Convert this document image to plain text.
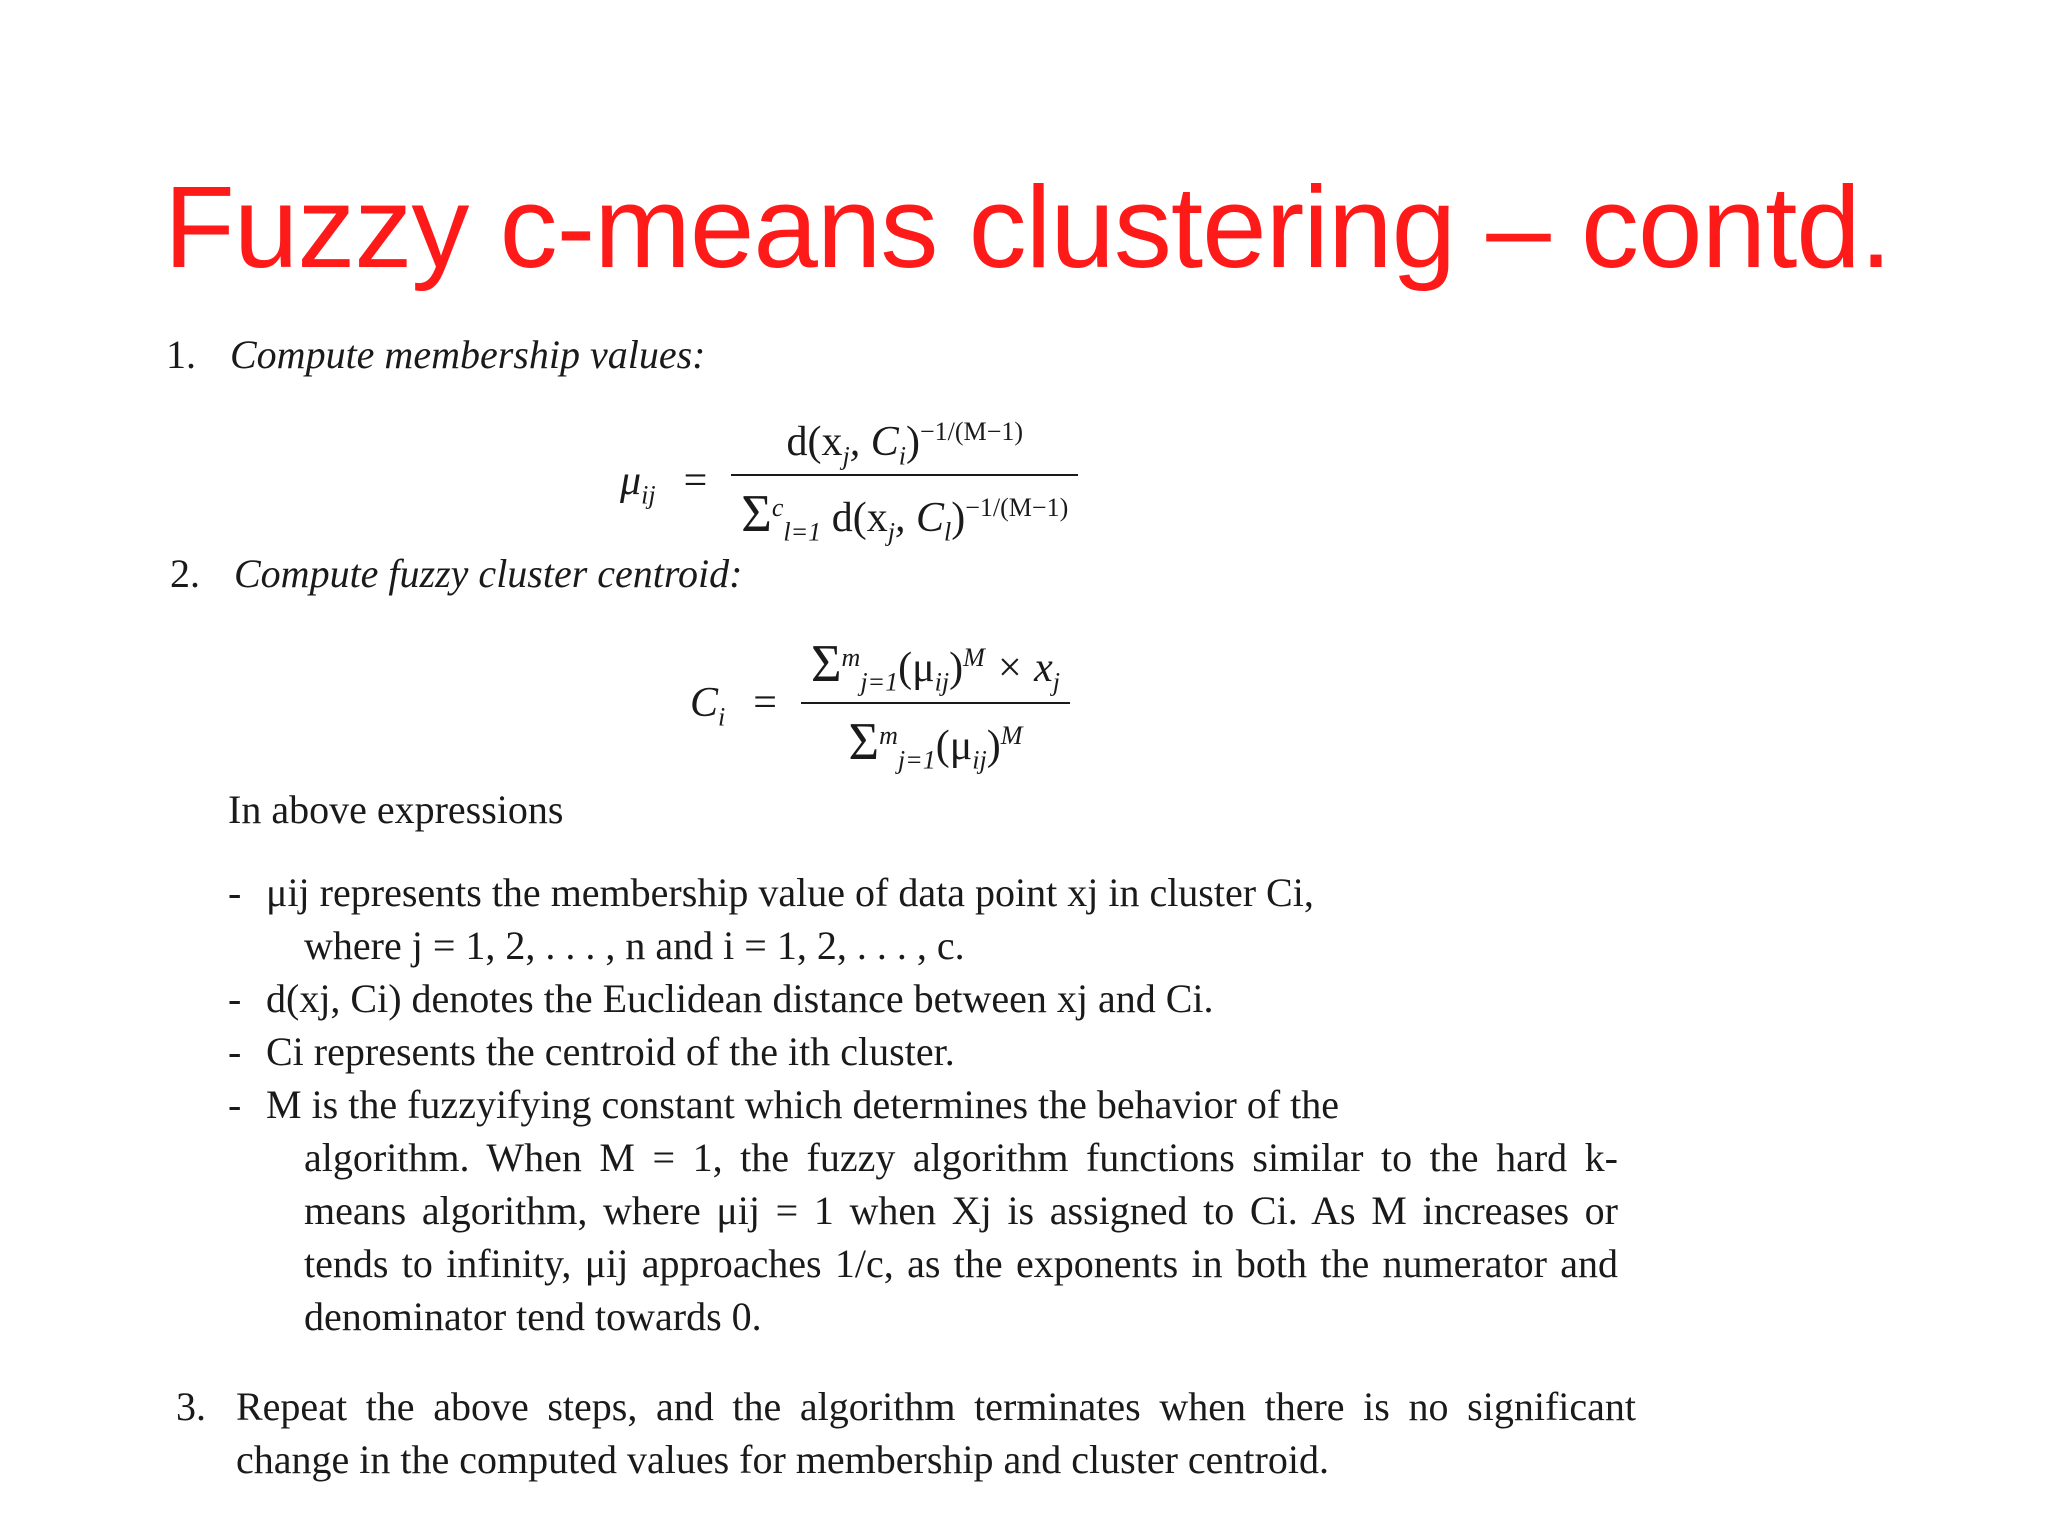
Fuzzy c-means clustering – contd.
1. Compute membership values:
$\mu_{ij} = \frac{d(x_j, C_i)^{-1/(M-1)}}{\Sigma^c_{l=1} d(x_j, C_l)^{-1/(M-1)}}$
2. Compute fuzzy cluster centroid:
$C_i = \frac{\Sigma^m_{j=1}(\mu_{ij})^M \times x_j}{\Sigma^m_{j=1}(\mu_{ij})^M}$
In above expressions
- μij represents the membership value of data point xj in cluster Ci,
where j = 1, 2, . . . , n and i = 1, 2, . . . , c.
- d(xj, Ci) denotes the Euclidean distance between xj and Ci.
- Ci represents the centroid of the ith cluster.
- M is the fuzzyifying constant which determines the behavior of the
algorithm. When M = 1, the fuzzy algorithm functions similar to the hard k-means algorithm, where μij = 1 when Xj is assigned to Ci. As M increases or tends to infinity, μij approaches 1/c, as the exponents in both the numerator and denominator tend towards 0.
3. Repeat the above steps, and the algorithm terminates when there is no significant change in the computed values for membership and cluster centroid.
